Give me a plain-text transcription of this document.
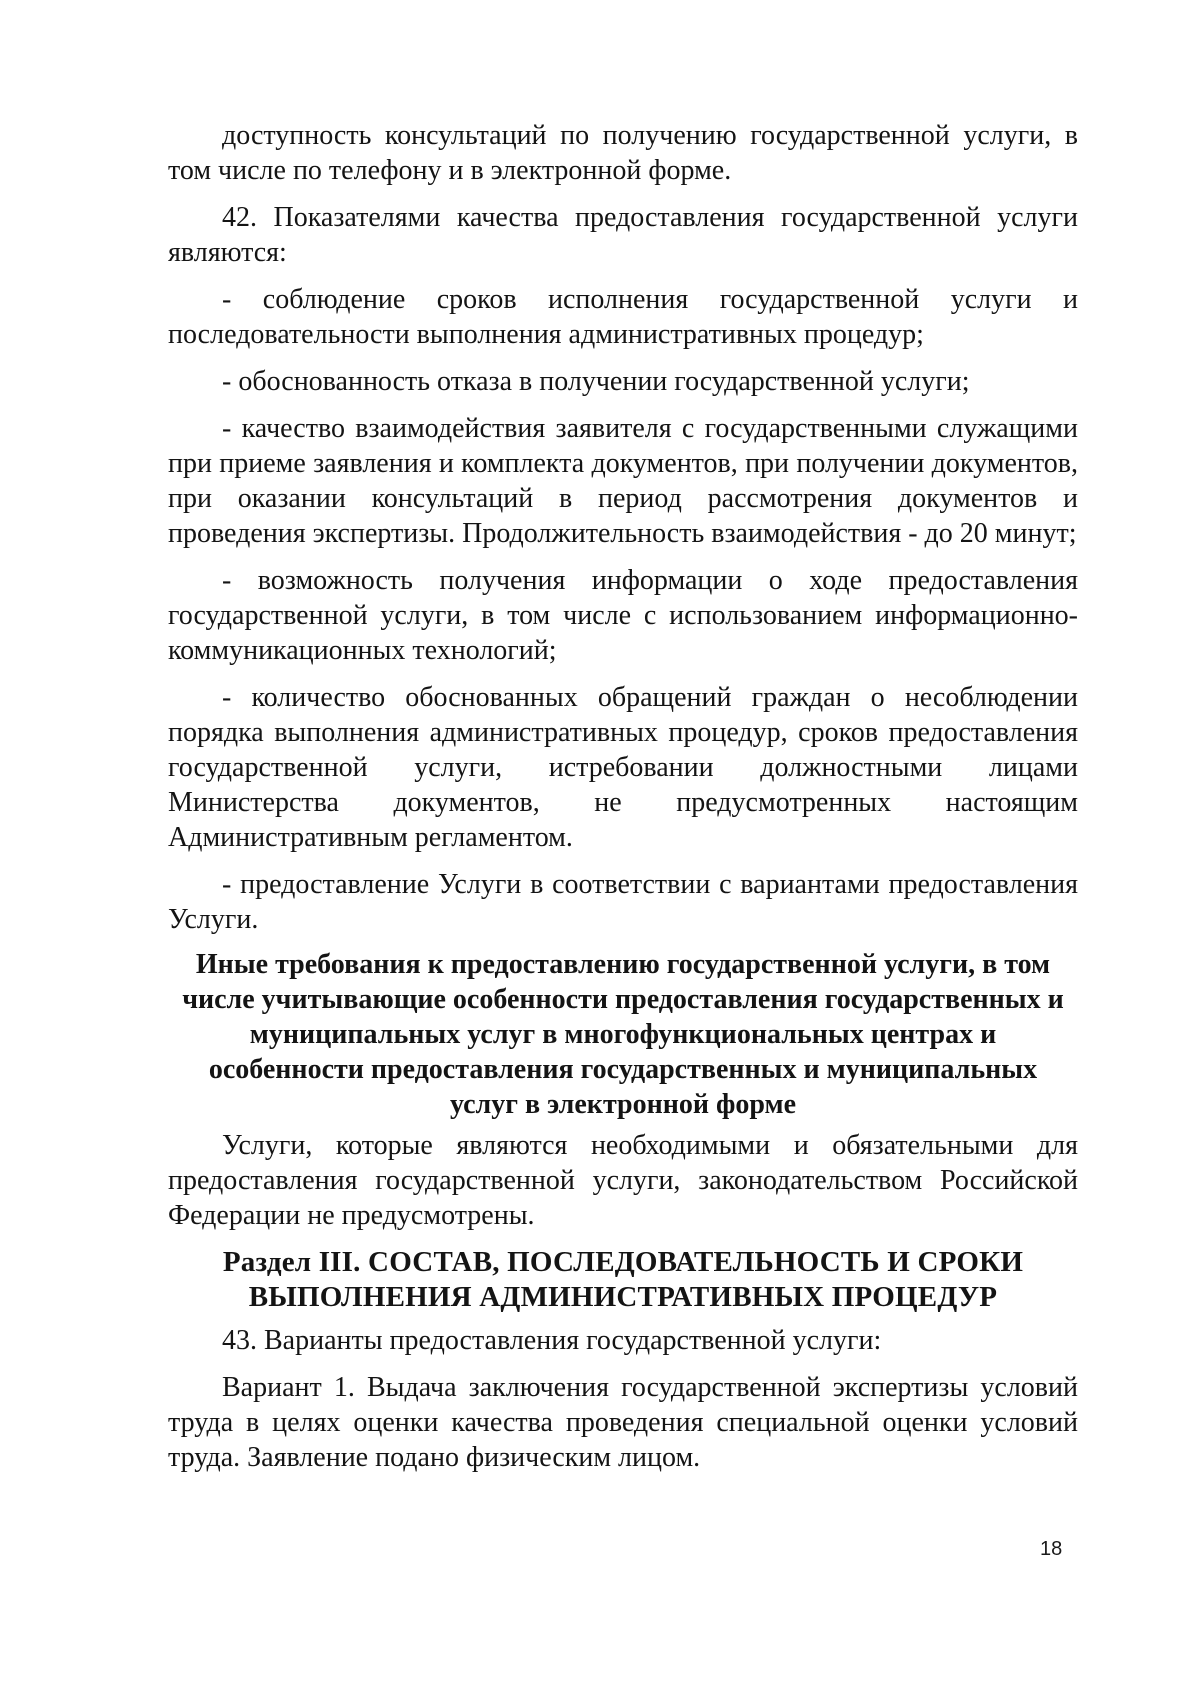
доступность консультаций по получению государственной услуги, в том числе по телефону и в электронной форме.

42. Показателями качества предоставления государственной услуги являются:

- соблюдение сроков исполнения государственной услуги и последовательности выполнения административных процедур;

- обоснованность отказа в получении государственной услуги;

- качество взаимодействия заявителя с государственными служащими при приеме заявления и комплекта документов, при получении документов, при оказании консультаций в период рассмотрения документов и проведения экспертизы. Продолжительность взаимодействия - до 20 минут;

- возможность получения информации о ходе предоставления государственной услуги, в том числе с использованием информационно-коммуникационных технологий;

- количество обоснованных обращений граждан о несоблюдении порядка выполнения административных процедур, сроков предоставления государственной услуги, истребовании должностными лицами Министерства документов, не предусмотренных настоящим Административным регламентом.

- предоставление Услуги в соответствии с вариантами предоставления Услуги.

Иные требования к предоставлению государственной услуги, в том числе учитывающие особенности предоставления государственных и муниципальных услуг в многофункциональных центрах и особенности предоставления государственных и муниципальных услуг в электронной форме

Услуги, которые являются необходимыми и обязательными для предоставления государственной услуги, законодательством Российской Федерации не предусмотрены.

Раздел III. СОСТАВ, ПОСЛЕДОВАТЕЛЬНОСТЬ И СРОКИ ВЫПОЛНЕНИЯ АДМИНИСТРАТИВНЫХ ПРОЦЕДУР

43. Варианты предоставления государственной услуги:

Вариант 1. Выдача заключения государственной экспертизы условий труда в целях оценки качества проведения специальной оценки условий труда. Заявление подано физическим лицом.

18
